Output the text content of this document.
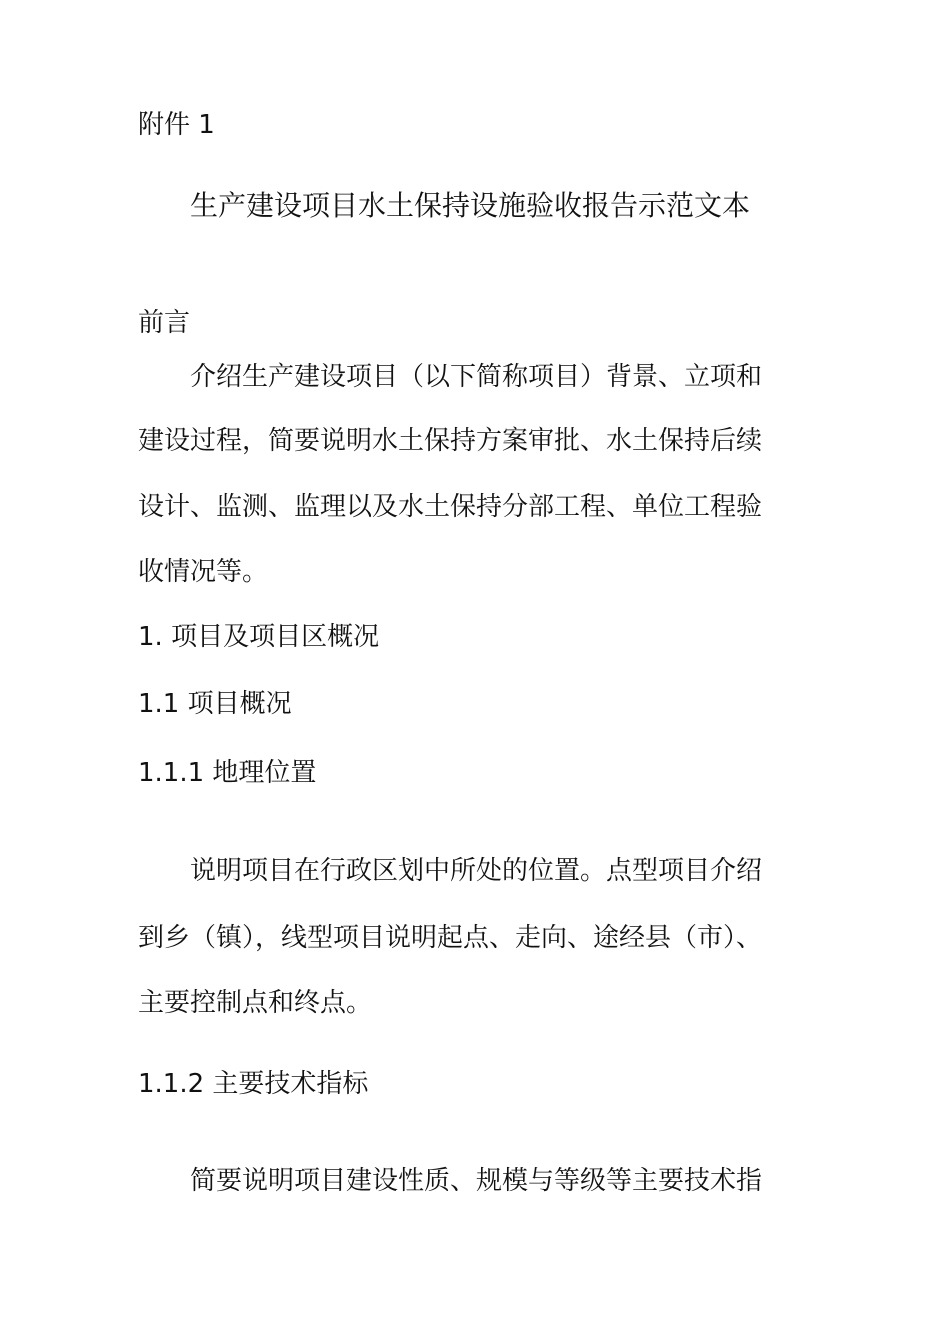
附件 1
生产建设项目水土保持设施验收报告示范文本
前言
介绍生产建设项目（以下简称项目）背景、立项和
建设过程，简要说明水土保持方案审批、水土保持后续
设计、监测、监理以及水土保持分部工程、单位工程验
收情况等。
1. 项目及项目区概况
1.1 项目概况
1.1.1 地理位置
说明项目在行政区划中所处的位置。点型项目介绍
到乡（镇），线型项目说明起点、走向、途经县（市）、
主要控制点和终点。
1.1.2 主要技术指标
简要说明项目建设性质、规模与等级等主要技术指
